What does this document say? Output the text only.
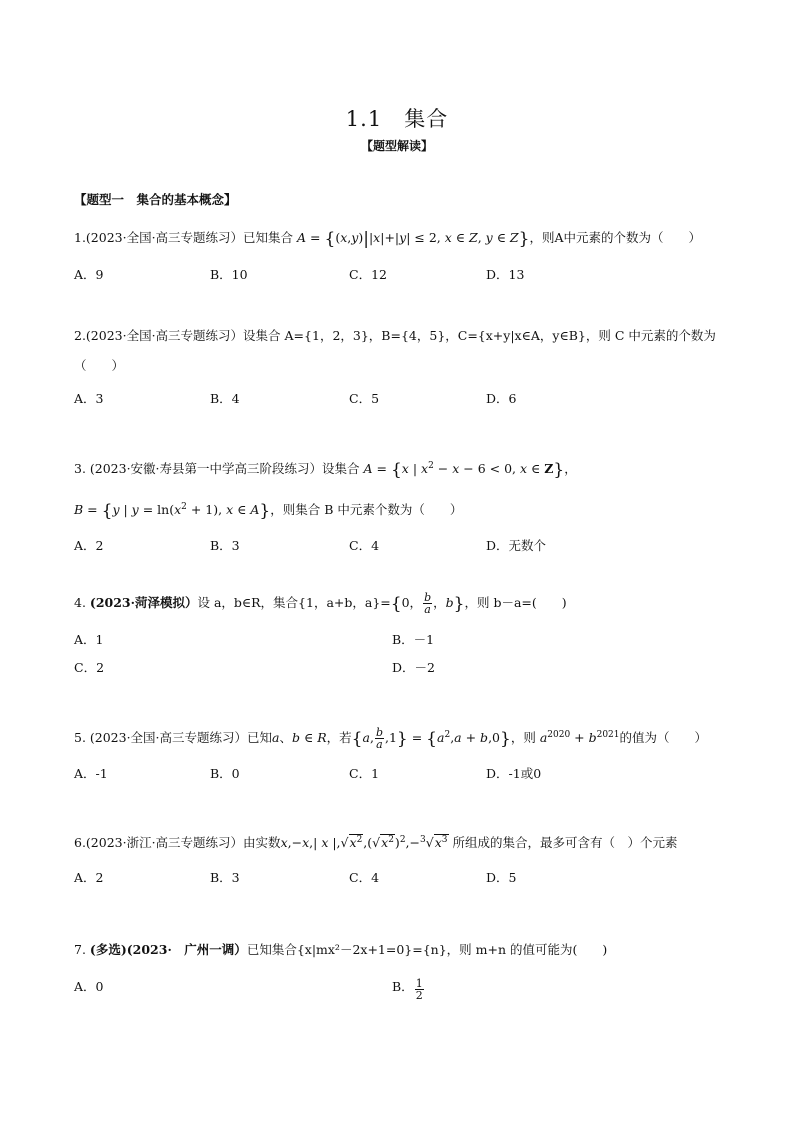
1.1　集合
【题型解读】
【题型一　集合的基本概念】
1.(2023·全国·高三专题练习）已知集合 A = {(x,y)||x|+|y| ≤ 2, x ∈ Z, y ∈ Z}，则A中元素的个数为（　　）
A．9	B．10	C．12	D．13
2.(2023·全国·高三专题练习）设集合 A={1，2，3}，B={4，5}，C={x+y|x∈A，y∈B}，则 C 中元素的个数为
（　　）
A．3	B．4	C．5	D．6
3. (2023·安徽·寿县第一中学高三阶段练习）设集合 A = {x | $x^2 - x - 6 < 0$, x ∈ Z}，
B = {y | $y = \ln(x^2 + 1)$, x ∈ A}，则集合 B 中元素个数为（　　）
A．2	B．3	C．4	D．无数个
4. (2023·菏泽模拟）设 a，b∈R，集合{1，a+b，a}={0， $\frac{b}{a}$ ，b}，则 b－a=(　　)
A．1	B．－1
C．2	D．－2
5. (2023·全国·高三专题练习）已知a、b ∈ R，若{a, $\frac{b}{a} ,1\} = \{a^2,a + b,0\}$，则 $a^{2020} + b^{2021}$的值为（　　）
A．-1	B．0	C．1	D．-1或0
6.(2023·浙江·高三专题练习）由实数x,−x,| x $|,√x^2,(√x^2)^2,-^3√x^3$ 所组成的集合，最多可含有（　）个元素
A．2	B．3	C．4	D．5
7. (多选)(2023·　广州一调）已知集合{x|mx²－2x+1=0}={n}，则 m+n 的值可能为(　　)
A．0	B． $\frac{1}{2}$
